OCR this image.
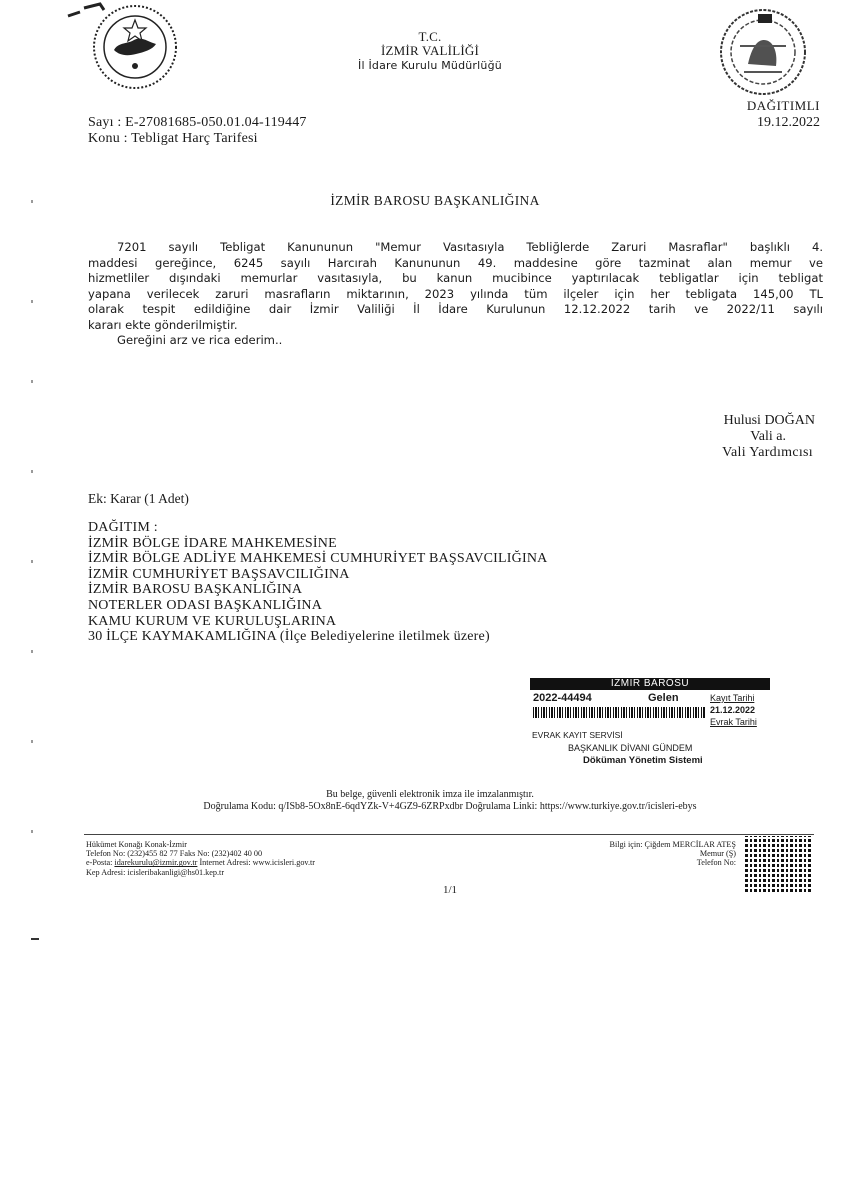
T.C.
İZMİR VALİLİĞİ
İl İdare Kurulu Müdürlüğü
DAĞITIMLI
19.12.2022
Sayı : E-27081685-050.01.04-119447
Konu : Tebligat Harç Tarifesi
İZMİR BAROSU BAŞKANLIĞINA
7201 sayılı Tebligat Kanununun "Memur Vasıtasıyla Tebliğlerde Zaruri Masraflar" başlıklı 4.
maddesi gereğince, 6245 sayılı Harcırah Kanununun 49. maddesine göre tazminat alan memur ve
hizmetliler dışındaki memurlar vasıtasıyla, bu kanun mucibince yaptırılacak tebligatlar için tebligat
yapana verilecek zaruri masrafların miktarının, 2023 yılında tüm ilçeler için her tebligata 145,00 TL
olarak tespit edildiğine dair İzmir Valiliği İl İdare Kurulunun 12.12.2022 tarih ve 2022/11 sayılı
kararı ekte gönderilmiştir.
Gereğini arz ve rica ederim..
Hulusi DOĞAN
Vali a.
Vali Yardımcısı
Ek: Karar (1 Adet)
DAĞITIM :
İZMİR BÖLGE İDARE MAHKEMESİNE
İZMİR BÖLGE ADLİYE MAHKEMESİ CUMHURİYET BAŞSAVCILIĞINA
İZMİR CUMHURİYET BAŞSAVCILIĞINA
İZMİR BAROSU BAŞKANLIĞINA
NOTERLER ODASI BAŞKANLIĞINA
KAMU KURUM VE KURULUŞLARINA
30 İLÇE KAYMAKAMLIĞINA (İlçe Belediyelerine iletilmek üzere)
İZMİR BAROSU
2022-44494	Gelen	Kayıt Tarihi
21.12.2022
Evrak Tarihi
EVRAK KAYIT SERVİSİ
BAŞKANLIK DİVANI GÜNDEM
Döküman Yönetim Sistemi
Bu belge, güvenli elektronik imza ile imzalanmıştır.
Doğrulama Kodu: q/ISb8-5Ox8nE-6qdYZk-V+4GZ9-6ZRPxdbr Doğrulama Linki: https://www.turkiye.gov.tr/icisleri-ebys
Hükümet Konağı Konak-İzmir
Telefon No: (232)455 82 77 Faks No: (232)402 40 00
e-Posta: idarekurulu@izmir.gov.tr İnternet Adresi: www.icisleri.gov.tr
Kep Adresi: icisleribakanligi@hs01.kep.tr
Bilgi için: Çiğdem MERCİLAR ATEŞ
Memur (Ş)
Telefon No:
1/1
